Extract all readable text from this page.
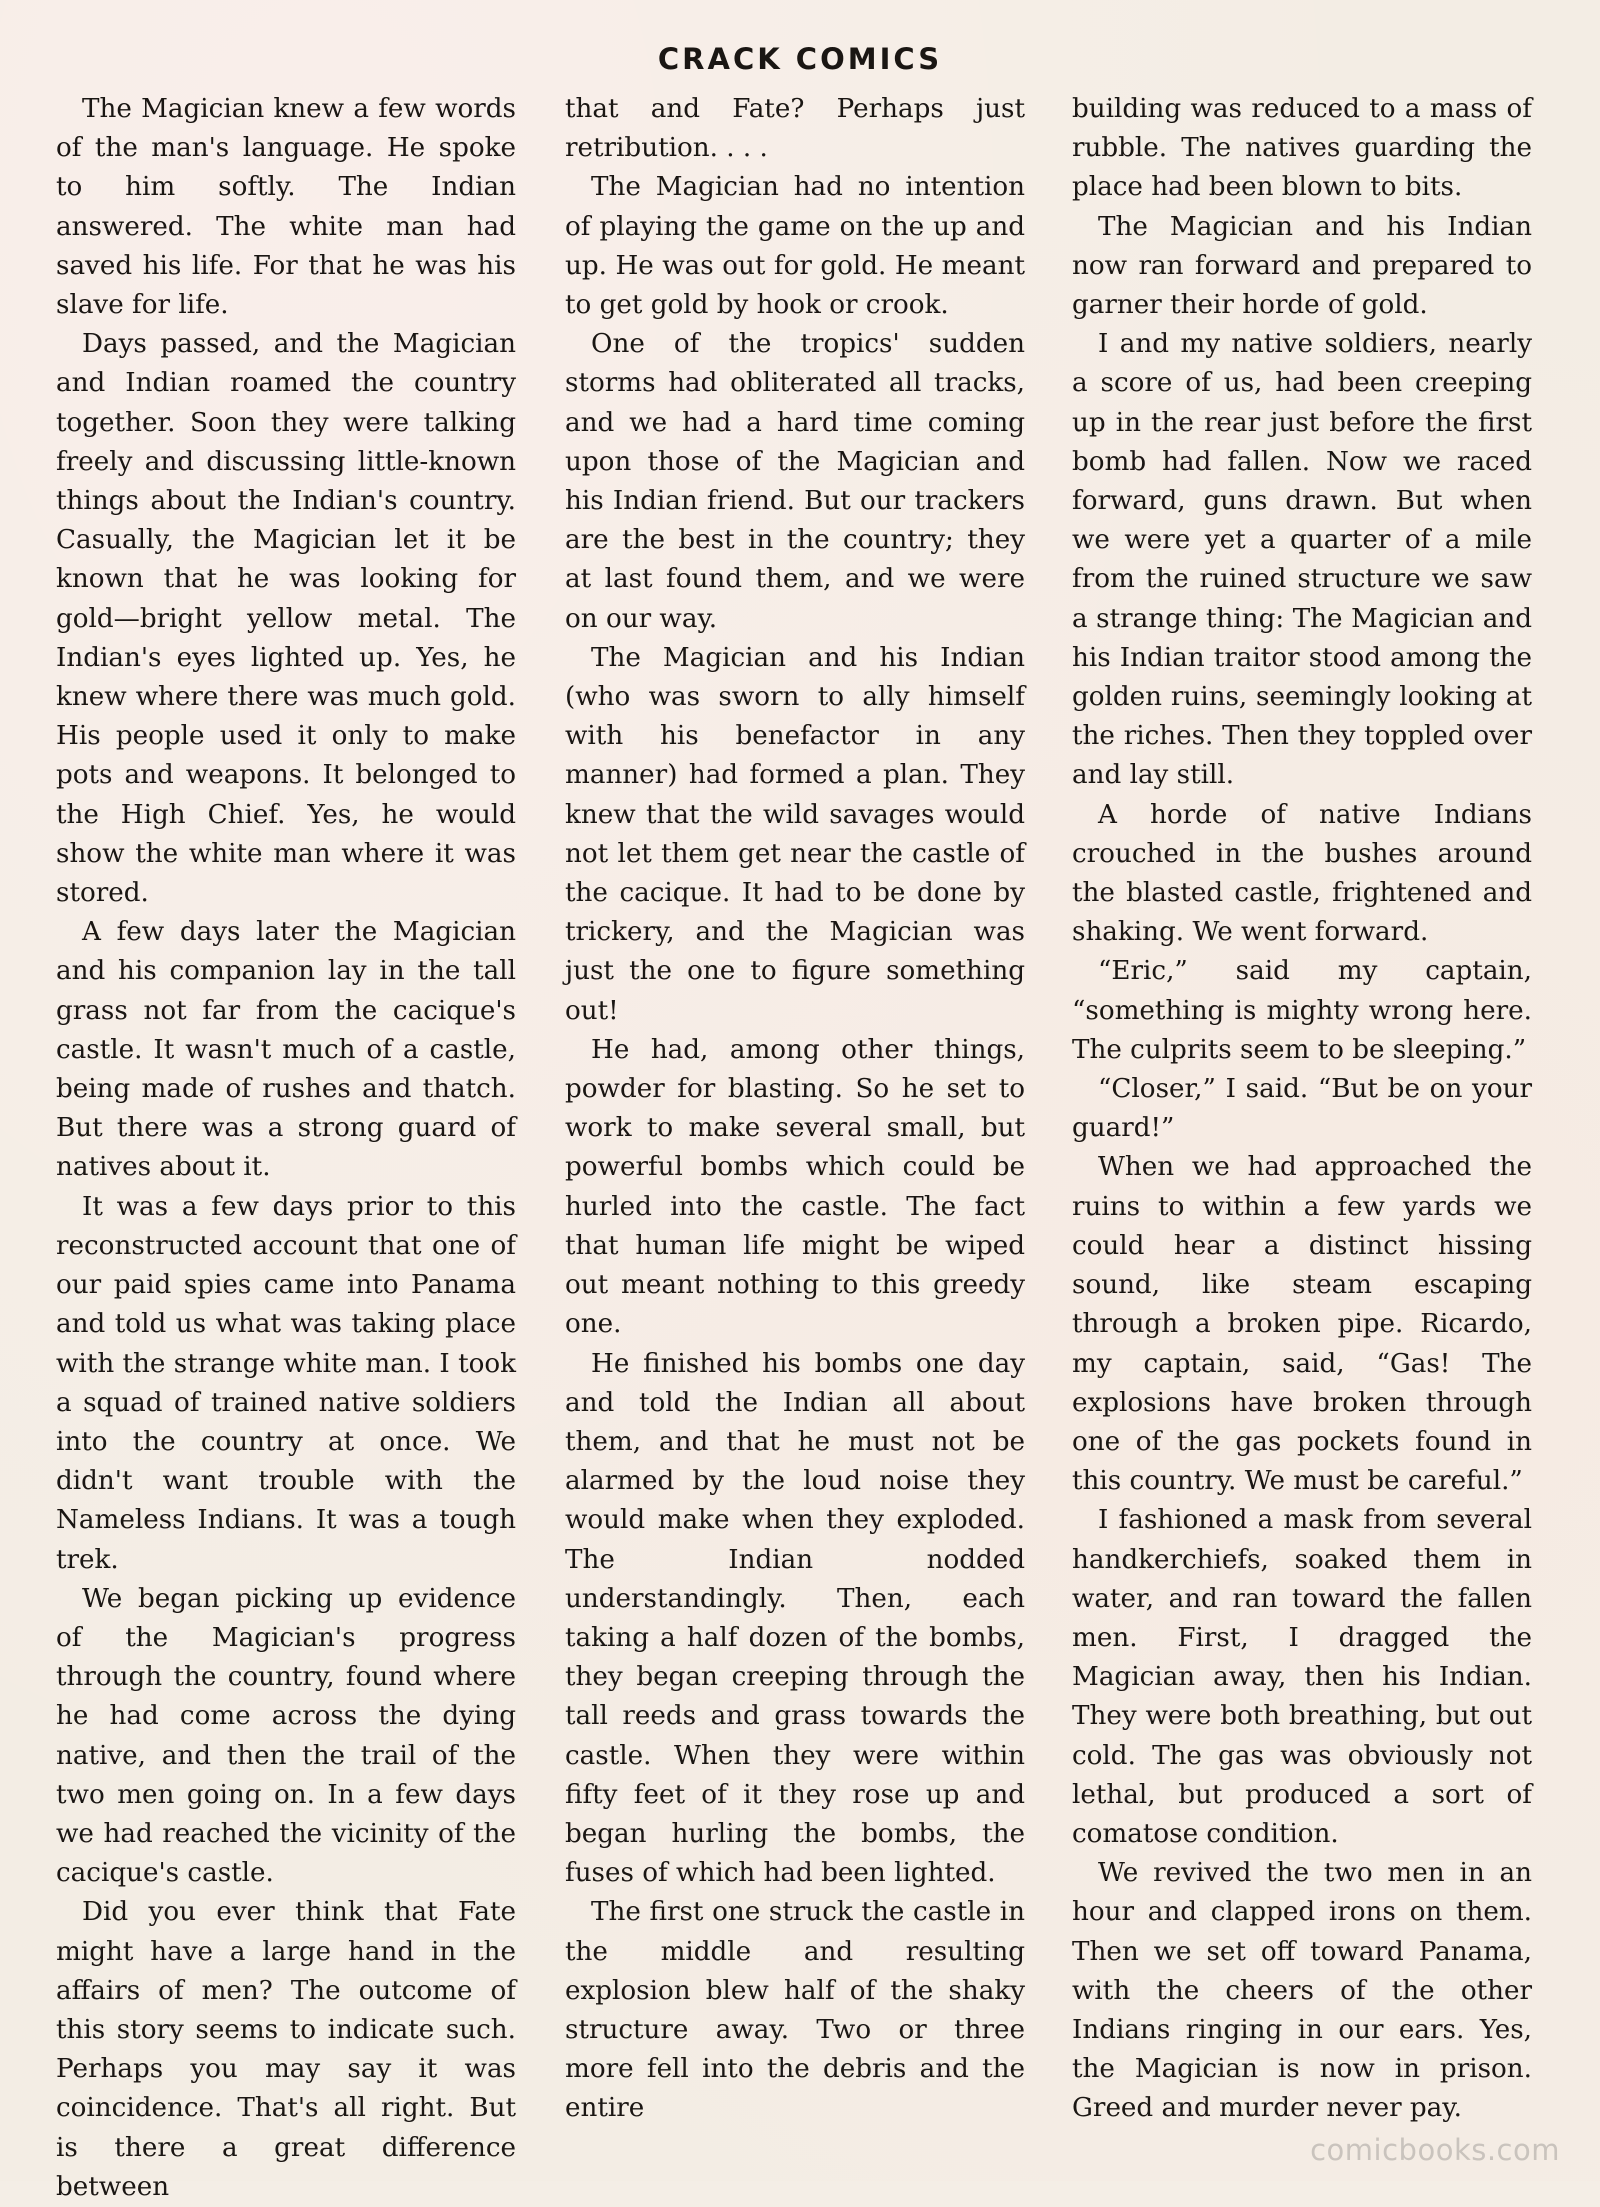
CRACK COMICS

The Magician knew a few words of the man's language. He spoke to him softly. The Indian answered. The white man had saved his life. For that he was his slave for life.

Days passed, and the Magician and Indian roamed the country together. Soon they were talking freely and discussing little-known things about the Indian's country. Casually, the Magician let it be known that he was looking for gold—bright yellow metal. The Indian's eyes lighted up. Yes, he knew where there was much gold. His people used it only to make pots and weapons. It belonged to the High Chief. Yes, he would show the white man where it was stored.

A few days later the Magician and his companion lay in the tall grass not far from the cacique's castle. It wasn't much of a castle, being made of rushes and thatch. But there was a strong guard of natives about it.

It was a few days prior to this reconstructed account that one of our paid spies came into Panama and told us what was taking place with the strange white man. I took a squad of trained native soldiers into the country at once. We didn't want trouble with the Nameless Indians. It was a tough trek.

We began picking up evidence of the Magician's progress through the country, found where he had come across the dying native, and then the trail of the two men going on. In a few days we had reached the vicinity of the cacique's castle.

Did you ever think that Fate might have a large hand in the affairs of men? The outcome of this story seems to indicate such. Perhaps you may say it was coincidence. That's all right. But is there a great difference between

that and Fate? Perhaps just retribution. . . .

The Magician had no intention of playing the game on the up and up. He was out for gold. He meant to get gold by hook or crook.

One of the tropics' sudden storms had obliterated all tracks, and we had a hard time coming upon those of the Magician and his Indian friend. But our trackers are the best in the country; they at last found them, and we were on our way.

The Magician and his Indian (who was sworn to ally himself with his benefactor in any manner) had formed a plan. They knew that the wild savages would not let them get near the castle of the cacique. It had to be done by trickery, and the Magician was just the one to figure something out!

He had, among other things, powder for blasting. So he set to work to make several small, but powerful bombs which could be hurled into the castle. The fact that human life might be wiped out meant nothing to this greedy one.

He finished his bombs one day and told the Indian all about them, and that he must not be alarmed by the loud noise they would make when they exploded. The Indian nodded understandingly. Then, each taking a half dozen of the bombs, they began creeping through the tall reeds and grass towards the castle. When they were within fifty feet of it they rose up and began hurling the bombs, the fuses of which had been lighted.

The first one struck the castle in the middle and resulting explosion blew half of the shaky structure away. Two or three more fell into the debris and the entire

building was reduced to a mass of rubble. The natives guarding the place had been blown to bits.

The Magician and his Indian now ran forward and prepared to garner their horde of gold.

I and my native soldiers, nearly a score of us, had been creeping up in the rear just before the first bomb had fallen. Now we raced forward, guns drawn. But when we were yet a quarter of a mile from the ruined structure we saw a strange thing: The Magician and his Indian traitor stood among the golden ruins, seemingly looking at the riches. Then they toppled over and lay still.

A horde of native Indians crouched in the bushes around the blasted castle, frightened and shaking. We went forward.

“Eric,” said my captain, “something is mighty wrong here. The culprits seem to be sleeping.”

“Closer,” I said. “But be on your guard!”

When we had approached the ruins to within a few yards we could hear a distinct hissing sound, like steam escaping through a broken pipe. Ricardo, my captain, said, “Gas! The explosions have broken through one of the gas pockets found in this country. We must be careful.”

I fashioned a mask from several handkerchiefs, soaked them in water, and ran toward the fallen men. First, I dragged the Magician away, then his Indian. They were both breathing, but out cold. The gas was obviously not lethal, but produced a sort of comatose condition.

We revived the two men in an hour and clapped irons on them. Then we set off toward Panama, with the cheers of the other Indians ringing in our ears. Yes, the Magician is now in prison. Greed and murder never pay.

comicbooks.com
